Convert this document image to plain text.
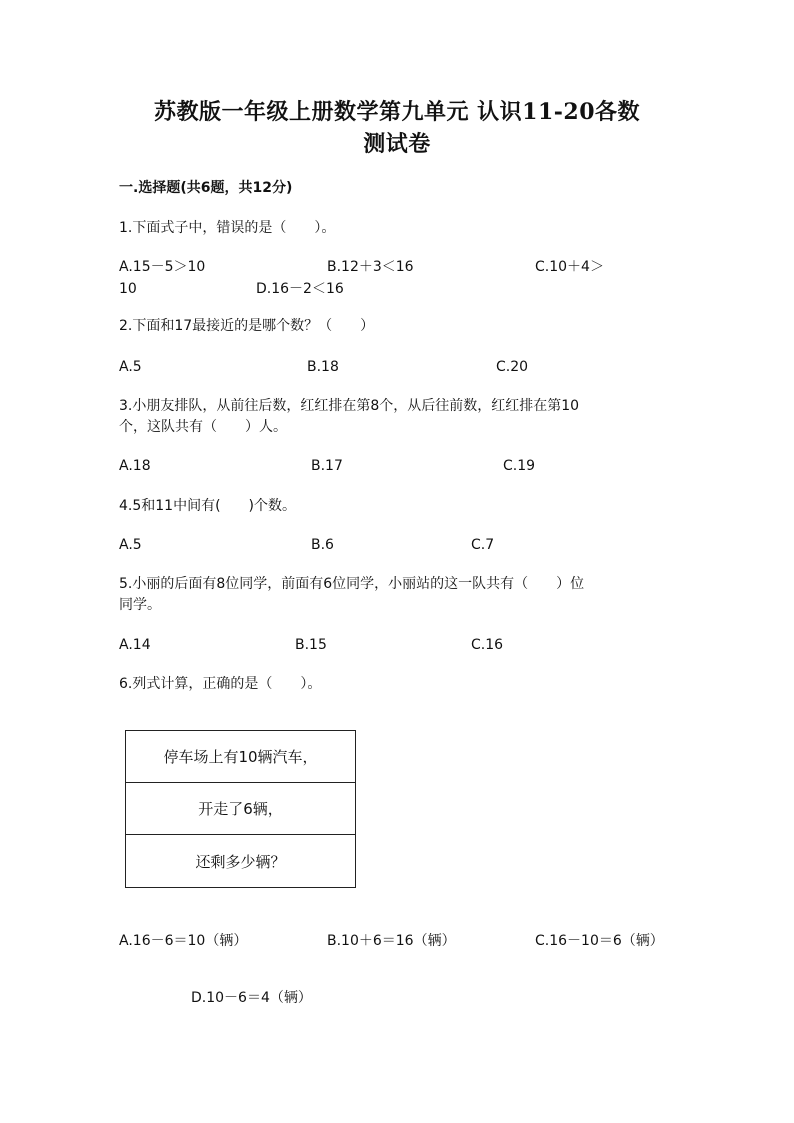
苏教版一年级上册数学第九单元 认识11-20各数
测试卷
一.选择题(共6题，共12分)
1.下面式子中，错误的是（　　）。
A.15－5＞10	B.12＋3＜16	C.10＋4＞
10	D.16－2＜16
2.下面和17最接近的是哪个数？（　　）
A.5	B.18	C.20
3.小朋友排队，从前往后数，红红排在第8个，从后往前数，红红排在第10
个，这队共有（　　）人。
A.18	B.17	C.19
4.5和11中间有(　　)个数。
A.5	B.6	C.7
5.小丽的后面有8位同学，前面有6位同学，小丽站的这一队共有（　　）位
同学。
A.14	B.15	C.16
6.列式计算，正确的是（　　）。
停车场上有10辆汽车，
开走了6辆，
还剩多少辆？
A.16－6＝10（辆）	B.10＋6＝16（辆）	C.16－10＝6（辆）
D.10－6＝4（辆）
